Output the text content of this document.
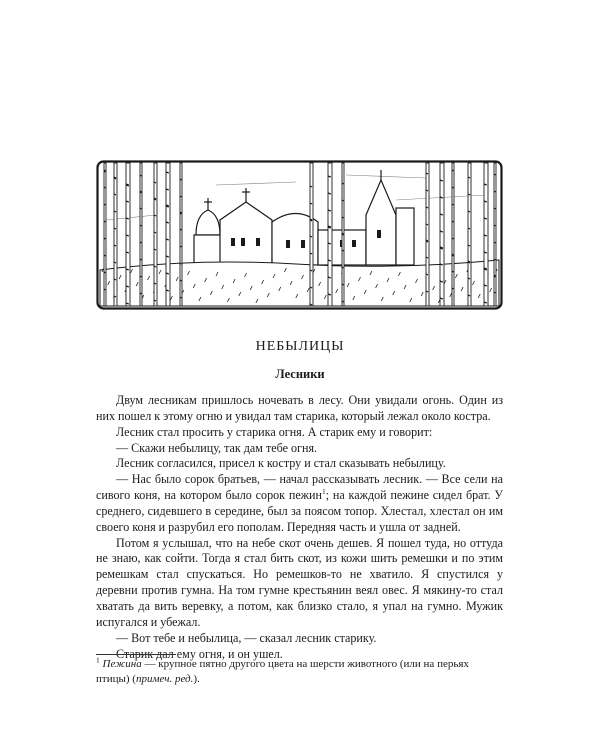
НЕБЫЛИЦЫ
Лесники

Двум лесникам пришлось ночевать в лесу. Они увидали огонь. Один из них пошел к этому огню и увидал там старика, который лежал около костра.

Лесник стал просить у старика огня. А старик ему и говорит:

— Скажи небылицу, так дам тебе огня.

Лесник согласился, присел к костру и стал сказывать небылицу.

— Нас было сорок братьев, — начал рассказывать лесник. — Все сели на сивого коня, на котором было сорок пежин$^1$; на каждой пежине сидел брат. У среднего, сидевшего в середине, был за поясом топор. Хлестал, хлестал он им своего коня и разрубил его пополам. Передняя часть и ушла от задней.

Потом я услышал, что на небе скот очень дешев. Я пошел туда, но оттуда не знаю, как сойти. Тогда я стал бить скот, из кожи шить ремешки и по этим ремешкам стал спускаться. Но ремешков-то не хватило. Я спустился у деревни против гумна. На том гумне крестьянин веял овес. Я мякину-то стал хватать да вить веревку, а потом, как близко стало, я упал на гумно. Мужик испугался и убежал.

— Вот тебе и небылица, — сказал лесник старику.

Старик дал ему огня, и он ушел.

$^1$ Пежина — крупное пятно другого цвета на шерсти животного (или на перьях птицы) (примеч. ред.).
